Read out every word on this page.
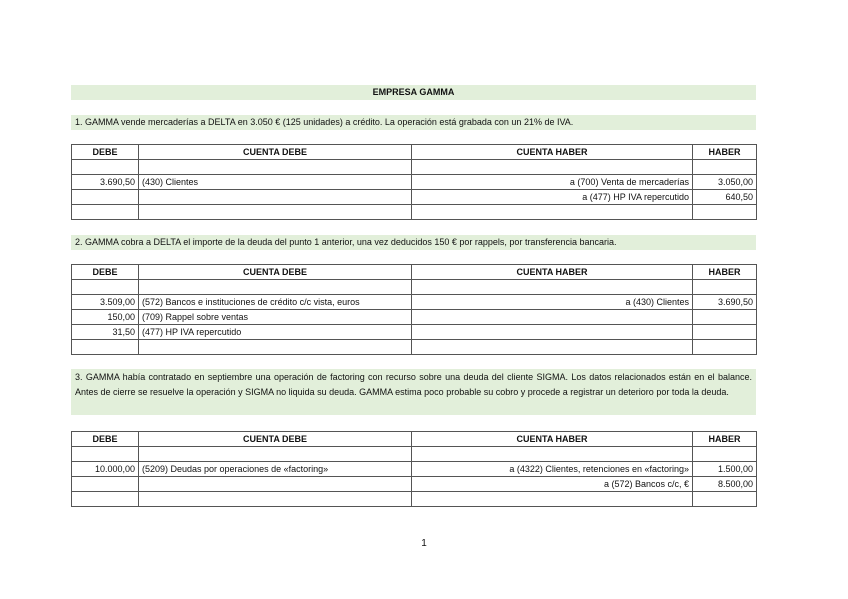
EMPRESA GAMMA
1. GAMMA vende mercaderías a DELTA en 3.050 € (125 unidades) a crédito. La operación está grabada con un 21% de IVA.
DEBE	CUENTA DEBE	CUENTA HABER	HABER

3.690,50	(430) Clientes	a (700) Venta de mercaderías	3.050,00
		a (477) HP IVA repercutido	640,50

2. GAMMA cobra a DELTA el importe de la deuda del punto 1 anterior, una vez deducidos 150 € por rappels, por transferencia bancaria.
DEBE	CUENTA DEBE	CUENTA HABER	HABER

3.509,00	(572) Bancos e instituciones de crédito c/c vista, euros	a (430) Clientes	3.690,50
150,00	(709) Rappel sobre ventas		
31,50	(477) HP IVA repercutido		

3. GAMMA había contratado en septiembre una operación de factoring con recurso sobre una deuda del cliente SIGMA. Los datos relacionados están en el balance. Antes de cierre se resuelve la operación y SIGMA no liquida su deuda. GAMMA estima poco probable su cobro y procede a registrar un deterioro por toda la deuda.
DEBE	CUENTA DEBE	CUENTA HABER	HABER

10.000,00	(5209) Deudas por operaciones de «factoring»	a (4322) Clientes, retenciones en «factoring»	1.500,00
		a (572) Bancos c/c, €	8.500,00

1
